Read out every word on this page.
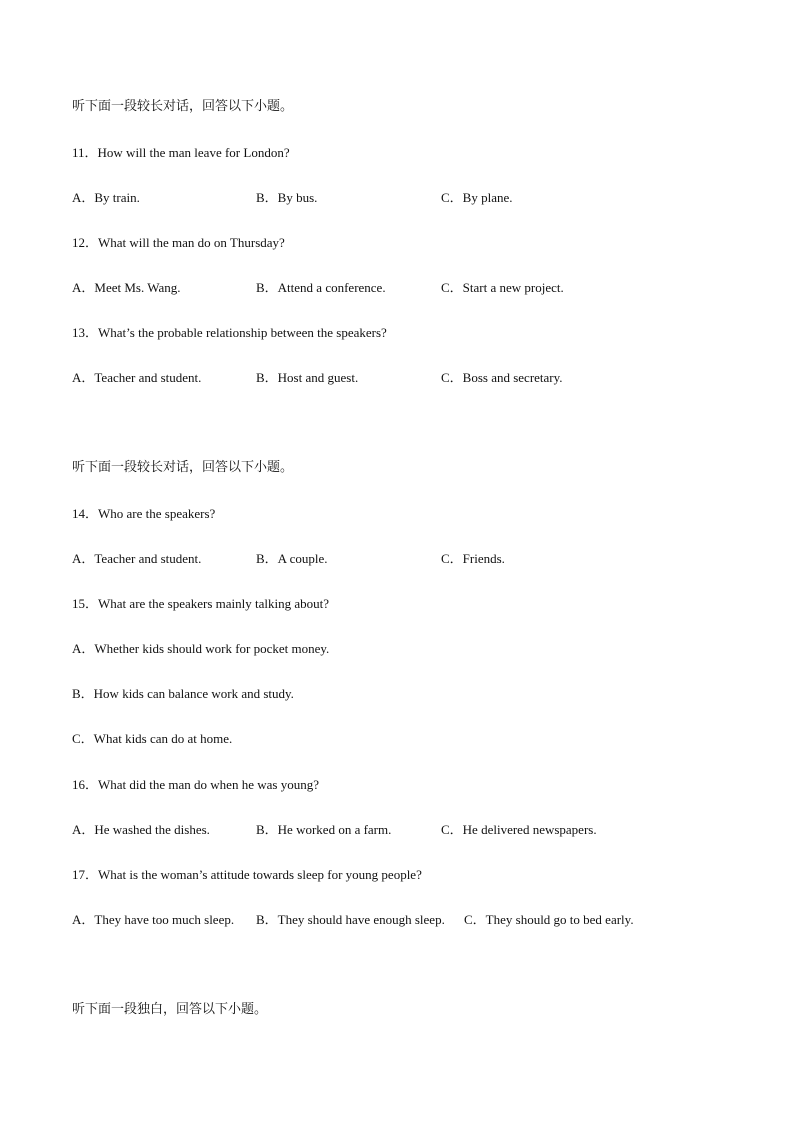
听下面一段较长对话，回答以下小题。
11．How will the man leave for London?
A．By train.	B．By bus.	C．By plane.
12．What will the man do on Thursday?
A．Meet Ms. Wang.	B．Attend a conference.	C．Start a new project.
13．What’s the probable relationship between the speakers?
A．Teacher and student.	B．Host and guest.	C．Boss and secretary.
听下面一段较长对话，回答以下小题。
14．Who are the speakers?
A．Teacher and student.	B．A couple.	C．Friends.
15．What are the speakers mainly talking about?
A．Whether kids should work for pocket money.
B．How kids can balance work and study.
C．What kids can do at home.
16．What did the man do when he was young?
A．He washed the dishes.	B．He worked on a farm.	C．He delivered newspapers.
17．What is the woman’s attitude towards sleep for young people?
A．They have too much sleep. B．They should have enough sleep. C．They should go to bed early.
听下面一段独白，回答以下小题。
